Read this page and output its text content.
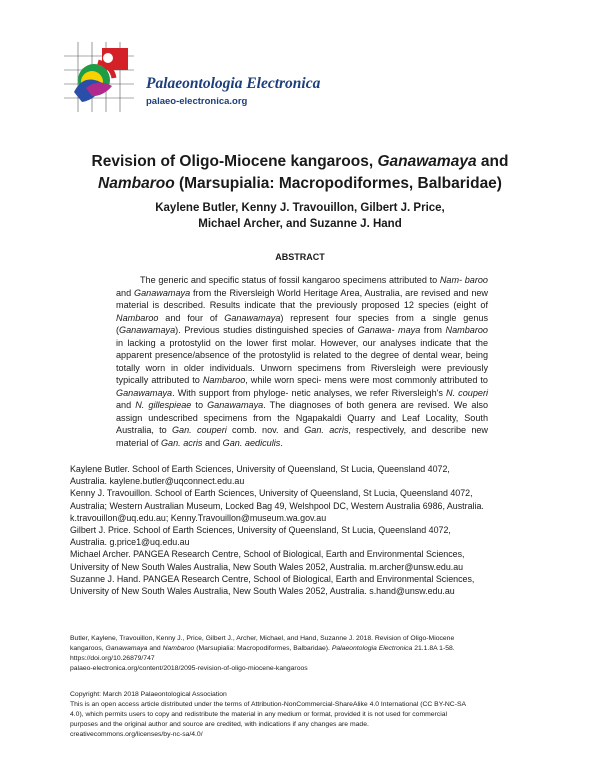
Palaeontologia Electronica
palaeo-electronica.org
Revision of Oligo-Miocene kangaroos, Ganawamaya and
Nambaroo (Marsupialia: Macropodiformes, Balbaridae)

Kaylene Butler, Kenny J. Travouillon, Gilbert J. Price,
Michael Archer, and Suzanne J. Hand

ABSTRACT

The generic and specific status of fossil kangaroo specimens attributed to Nam- baroo and Ganawamaya from the Riversleigh World Heritage Area, Australia, are revised and new material is described. Results indicate that the previously proposed 12 species (eight of Nambaroo and four of Ganawamaya) represent four species from a single genus (Ganawamaya). Previous studies distinguished species of Ganawa- maya from Nambaroo in lacking a protostylid on the lower first molar. However, our analyses indicate that the apparent presence/absence of the protostylid is related to the degree of dental wear, being totally worn in older individuals. Unworn specimens from Riversleigh were previously typically attributed to Nambaroo, while worn speci- mens were most commonly attributed to Ganawamaya. With support from phyloge- netic analyses, we refer Riversleigh's N. couperi and N. gillespieae to Ganawamaya. The diagnoses of both genera are revised. We also assign undescribed specimens from the Ngapakaldi Quarry and Leaf Locality, South Australia, to Gan. couperi comb. nov. and Gan. acris, respectively, and describe new material of Gan. acris and Gan. aediculis.

Kaylene Butler. School of Earth Sciences, University of Queensland, St Lucia, Queensland 4072,
Australia. kaylene.butler@uqconnect.edu.au
Kenny J. Travouillon. School of Earth Sciences, University of Queensland, St Lucia, Queensland 4072,
Australia; Western Australian Museum, Locked Bag 49, Welshpool DC, Western Australia 6986, Australia.
k.travouillon@uq.edu.au; Kenny.Travouillon@museum.wa.gov.au
Gilbert J. Price. School of Earth Sciences, University of Queensland, St Lucia, Queensland 4072,
Australia. g.price1@uq.edu.au
Michael Archer. PANGEA Research Centre, School of Biological, Earth and Environmental Sciences,
University of New South Wales Australia, New South Wales 2052, Australia. m.archer@unsw.edu.au
Suzanne J. Hand. PANGEA Research Centre, School of Biological, Earth and Environmental Sciences,
University of New South Wales Australia, New South Wales 2052, Australia. s.hand@unsw.edu.au
Butler, Kaylene, Travouillon, Kenny J., Price, Gilbert J., Archer, Michael, and Hand, Suzanne J. 2018. Revision of Oligo-Miocene
kangaroos, Ganawamaya and Nambaroo (Marsupialia: Macropodiformes, Balbaridae). Palaeontologia Electronica 21.1.8A 1-58.
https://doi.org/10.26879/747
palaeo-electronica.org/content/2018/2095-revision-of-oligo-miocene-kangaroos
Copyright: March 2018 Palaeontological Association
This is an open access article distributed under the terms of Attribution-NonCommercial-ShareAlike 4.0 International (CC BY-NC-SA
4.0), which permits users to copy and redistribute the material in any medium or format, provided it is not used for commercial
purposes and the original author and source are credited, with indications if any changes are made.
creativecommons.org/licenses/by-nc-sa/4.0/
